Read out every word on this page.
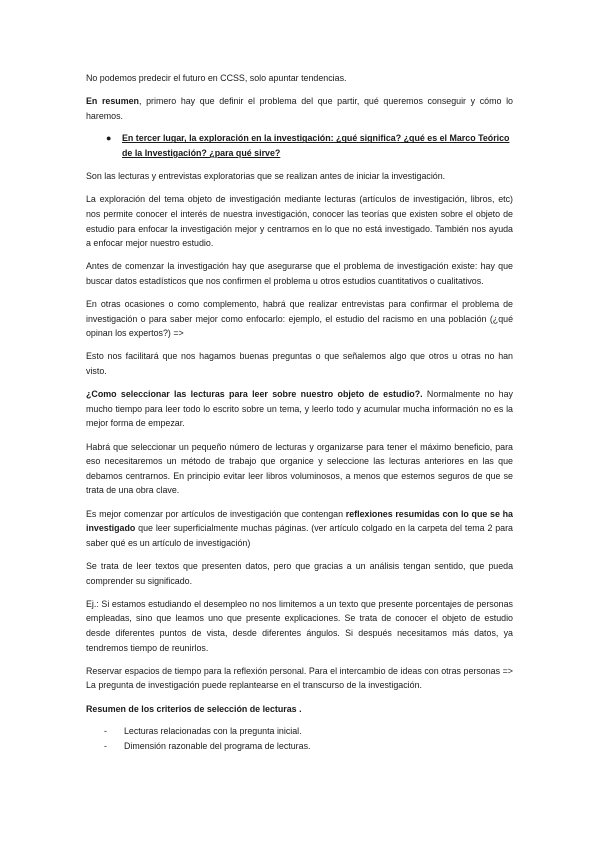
No podemos predecir el futuro en CCSS, solo apuntar tendencias.

En resumen, primero hay que definir el problema del que partir, qué queremos conseguir y cómo lo haremos.

●	En tercer lugar, la exploración en la investigación: ¿qué significa? ¿qué es el Marco Teórico de la Investigación? ¿para qué sirve?

Son las lecturas y entrevistas exploratorias que se realizan antes de iniciar la investigación.

La exploración del tema objeto de investigación mediante lecturas (artículos de investigación, libros, etc) nos permite conocer el interés de nuestra investigación, conocer las teorías que existen sobre el objeto de estudio para enfocar la investigación mejor y centrarnos en lo que no está investigado. También nos ayuda a enfocar mejor nuestro estudio.

Antes de comenzar la investigación hay que asegurarse que el problema de investigación existe: hay que buscar datos estadísticos que nos confirmen el problema u otros estudios cuantitativos o cualitativos.

En otras ocasiones o como complemento, habrá que realizar entrevistas para confirmar el problema de investigación o para saber mejor como enfocarlo: ejemplo, el estudio del racismo en una población (¿qué opinan los expertos?) =>

Esto nos facilitará que nos hagamos buenas preguntas o que señalemos algo que otros u otras no han visto.

¿Como seleccionar las lecturas para leer sobre nuestro objeto de estudio?. Normalmente no hay mucho tiempo para leer todo lo escrito sobre un tema, y leerlo todo y acumular mucha información no es la mejor forma de empezar.

Habrá que seleccionar un pequeño número de lecturas y organizarse para tener el máximo beneficio, para eso necesitaremos un método de trabajo que organice y seleccione las lecturas anteriores en las que debamos centrarnos. En principio evitar leer libros voluminosos, a menos que estemos seguros de que se trata de una obra clave.

Es mejor comenzar por artículos de investigación que contengan reflexiones resumidas con lo que se ha investigado que leer superficialmente muchas páginas. (ver artículo colgado en la carpeta del tema 2 para saber qué es un artículo de investigación)

Se trata de leer textos que presenten datos, pero que gracias a un análisis tengan sentido, que pueda comprender su significado.

Ej.: Si estamos estudiando el desempleo no nos limitemos a un texto que presente porcentajes de personas empleadas, sino que leamos uno que presente explicaciones. Se trata de conocer el objeto de estudio desde diferentes puntos de vista, desde diferentes ángulos. Si después necesitamos más datos, ya tendremos tiempo de reunirlos.

Reservar espacios de tiempo para la reflexión personal. Para el intercambio de ideas con otras personas => La pregunta de investigación puede replantearse en el transcurso de la investigación.

Resumen de los criterios de selección de lecturas .

-	Lecturas relacionadas con la pregunta inicial.
-	Dimensión razonable del programa de lecturas.
